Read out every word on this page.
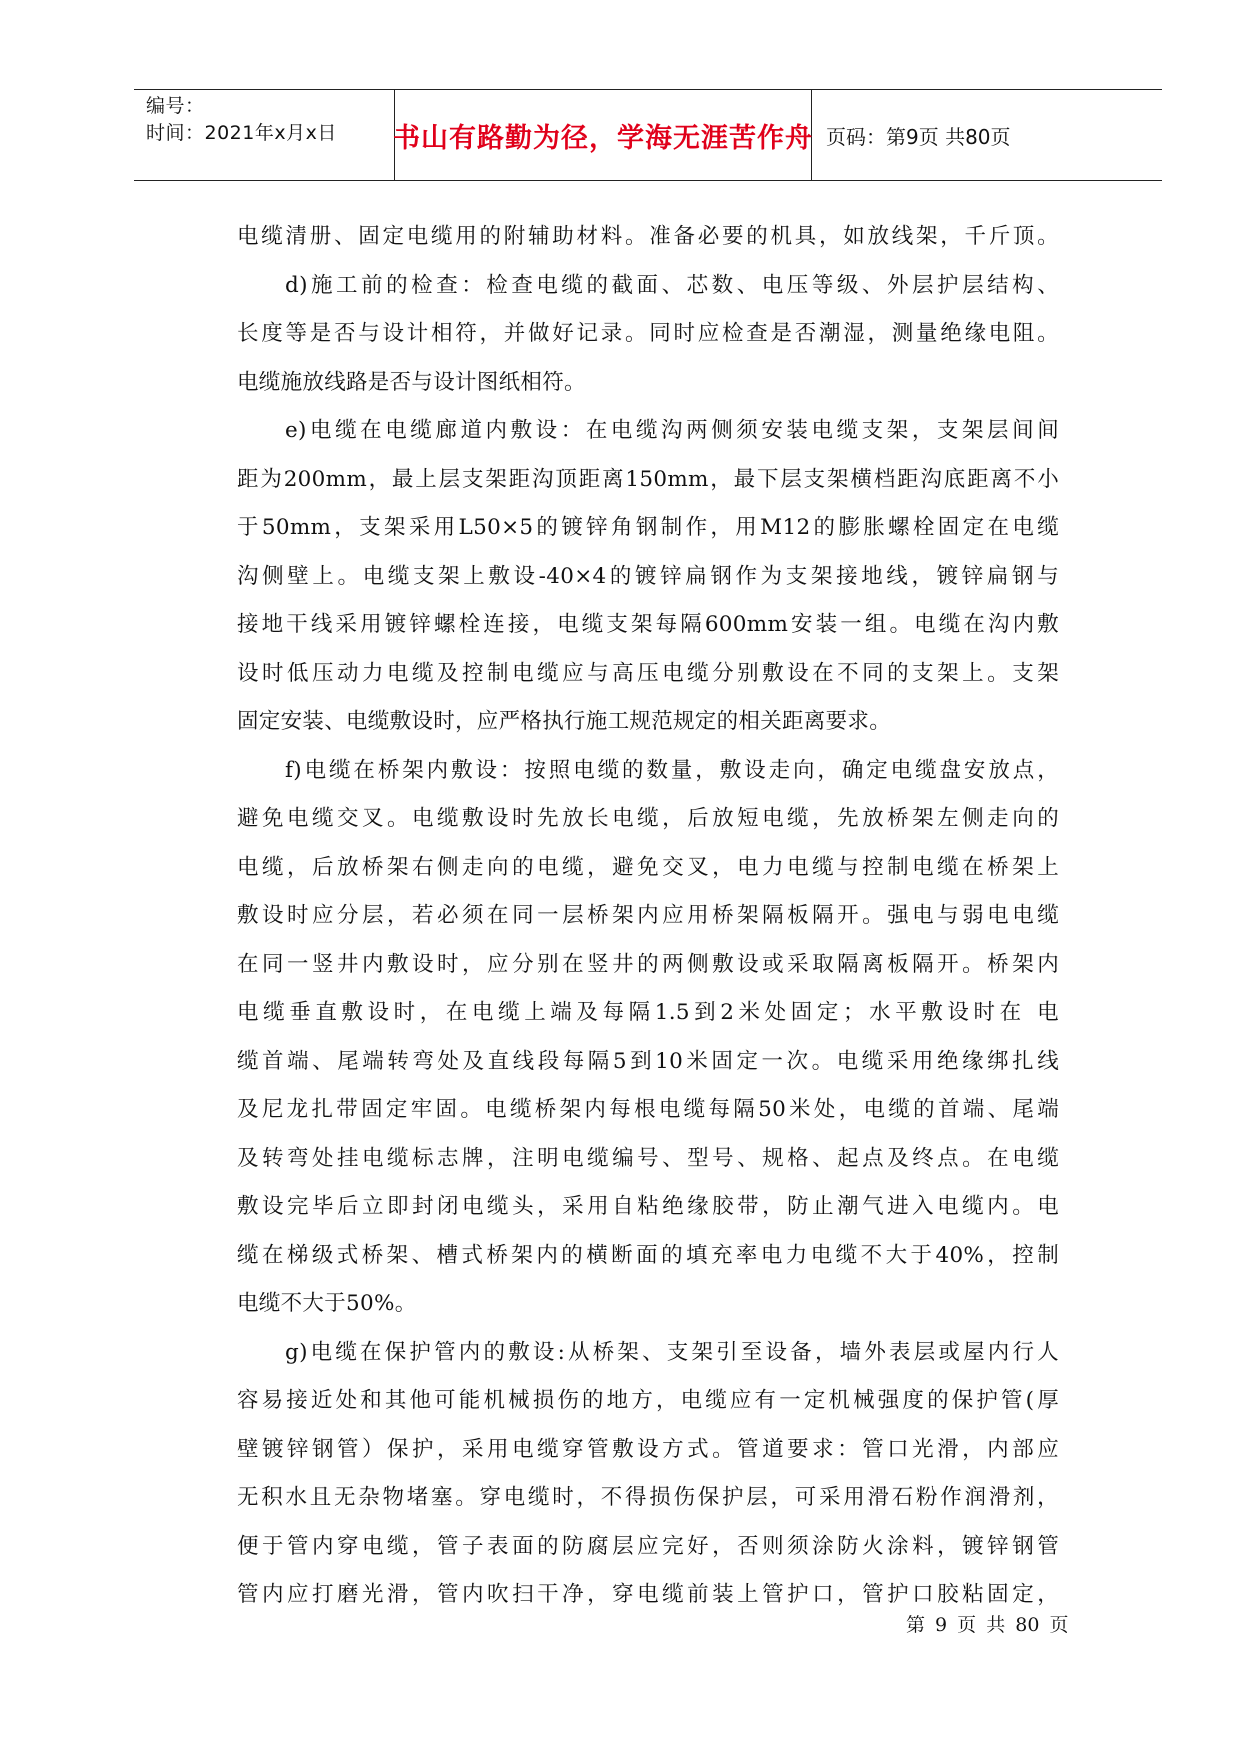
编号：
时间：2021年x月x日 书山有路勤为径，学海无涯苦作舟 页码：第9页 共80页
电缆清册、固定电缆用的附辅助材料。准备必要的机具，如放线架，千斤顶。
d)施工前的检查：检查电缆的截面、芯数、电压等级、外层护层结构、
长度等是否与设计相符，并做好记录。同时应检查是否潮湿，测量绝缘电阻。
电缆施放线路是否与设计图纸相符。
e)电缆在电缆廊道内敷设：在电缆沟两侧须安装电缆支架，支架层间间
距为200mm，最上层支架距沟顶距离150mm，最下层支架横档距沟底距离不小
于50mm，支架采用L50×5的镀锌角钢制作，用M12的膨胀螺栓固定在电缆
沟侧壁上。电缆支架上敷设-40×4的镀锌扁钢作为支架接地线，镀锌扁钢与
接地干线采用镀锌螺栓连接，电缆支架每隔600mm安装一组。电缆在沟内敷
设时低压动力电缆及控制电缆应与高压电缆分别敷设在不同的支架上。支架
固定安装、电缆敷设时，应严格执行施工规范规定的相关距离要求。
f)电缆在桥架内敷设：按照电缆的数量，敷设走向，确定电缆盘安放点，
避免电缆交叉。电缆敷设时先放长电缆，后放短电缆，先放桥架左侧走向的
电缆，后放桥架右侧走向的电缆，避免交叉，电力电缆与控制电缆在桥架上
敷设时应分层，若必须在同一层桥架内应用桥架隔板隔开。强电与弱电电缆
在同一竖井内敷设时，应分别在竖井的两侧敷设或采取隔离板隔开。桥架内
电缆垂直敷设时，在电缆上端及每隔1.5到2米处固定；水平敷设时在 电
缆首端、尾端转弯处及直线段每隔5到10米固定一次。电缆采用绝缘绑扎线
及尼龙扎带固定牢固。电缆桥架内每根电缆每隔50米处，电缆的首端、尾端
及转弯处挂电缆标志牌，注明电缆编号、型号、规格、起点及终点。在电缆
敷设完毕后立即封闭电缆头，采用自粘绝缘胶带，防止潮气进入电缆内。电
缆在梯级式桥架、槽式桥架内的横断面的填充率电力电缆不大于40%，控制
电缆不大于50%。
g)电缆在保护管内的敷设:从桥架、支架引至设备，墙外表层或屋内行人
容易接近处和其他可能机械损伤的地方，电缆应有一定机械强度的保护管(厚
壁镀锌钢管）保护，采用电缆穿管敷设方式。管道要求：管口光滑，内部应
无积水且无杂物堵塞。穿电缆时，不得损伤保护层，可采用滑石粉作润滑剂，
便于管内穿电缆，管子表面的防腐层应完好，否则须涂防火涂料，镀锌钢管
管内应打磨光滑，管内吹扫干净，穿电缆前装上管护口，管护口胶粘固定，
第 9 页 共 80 页
